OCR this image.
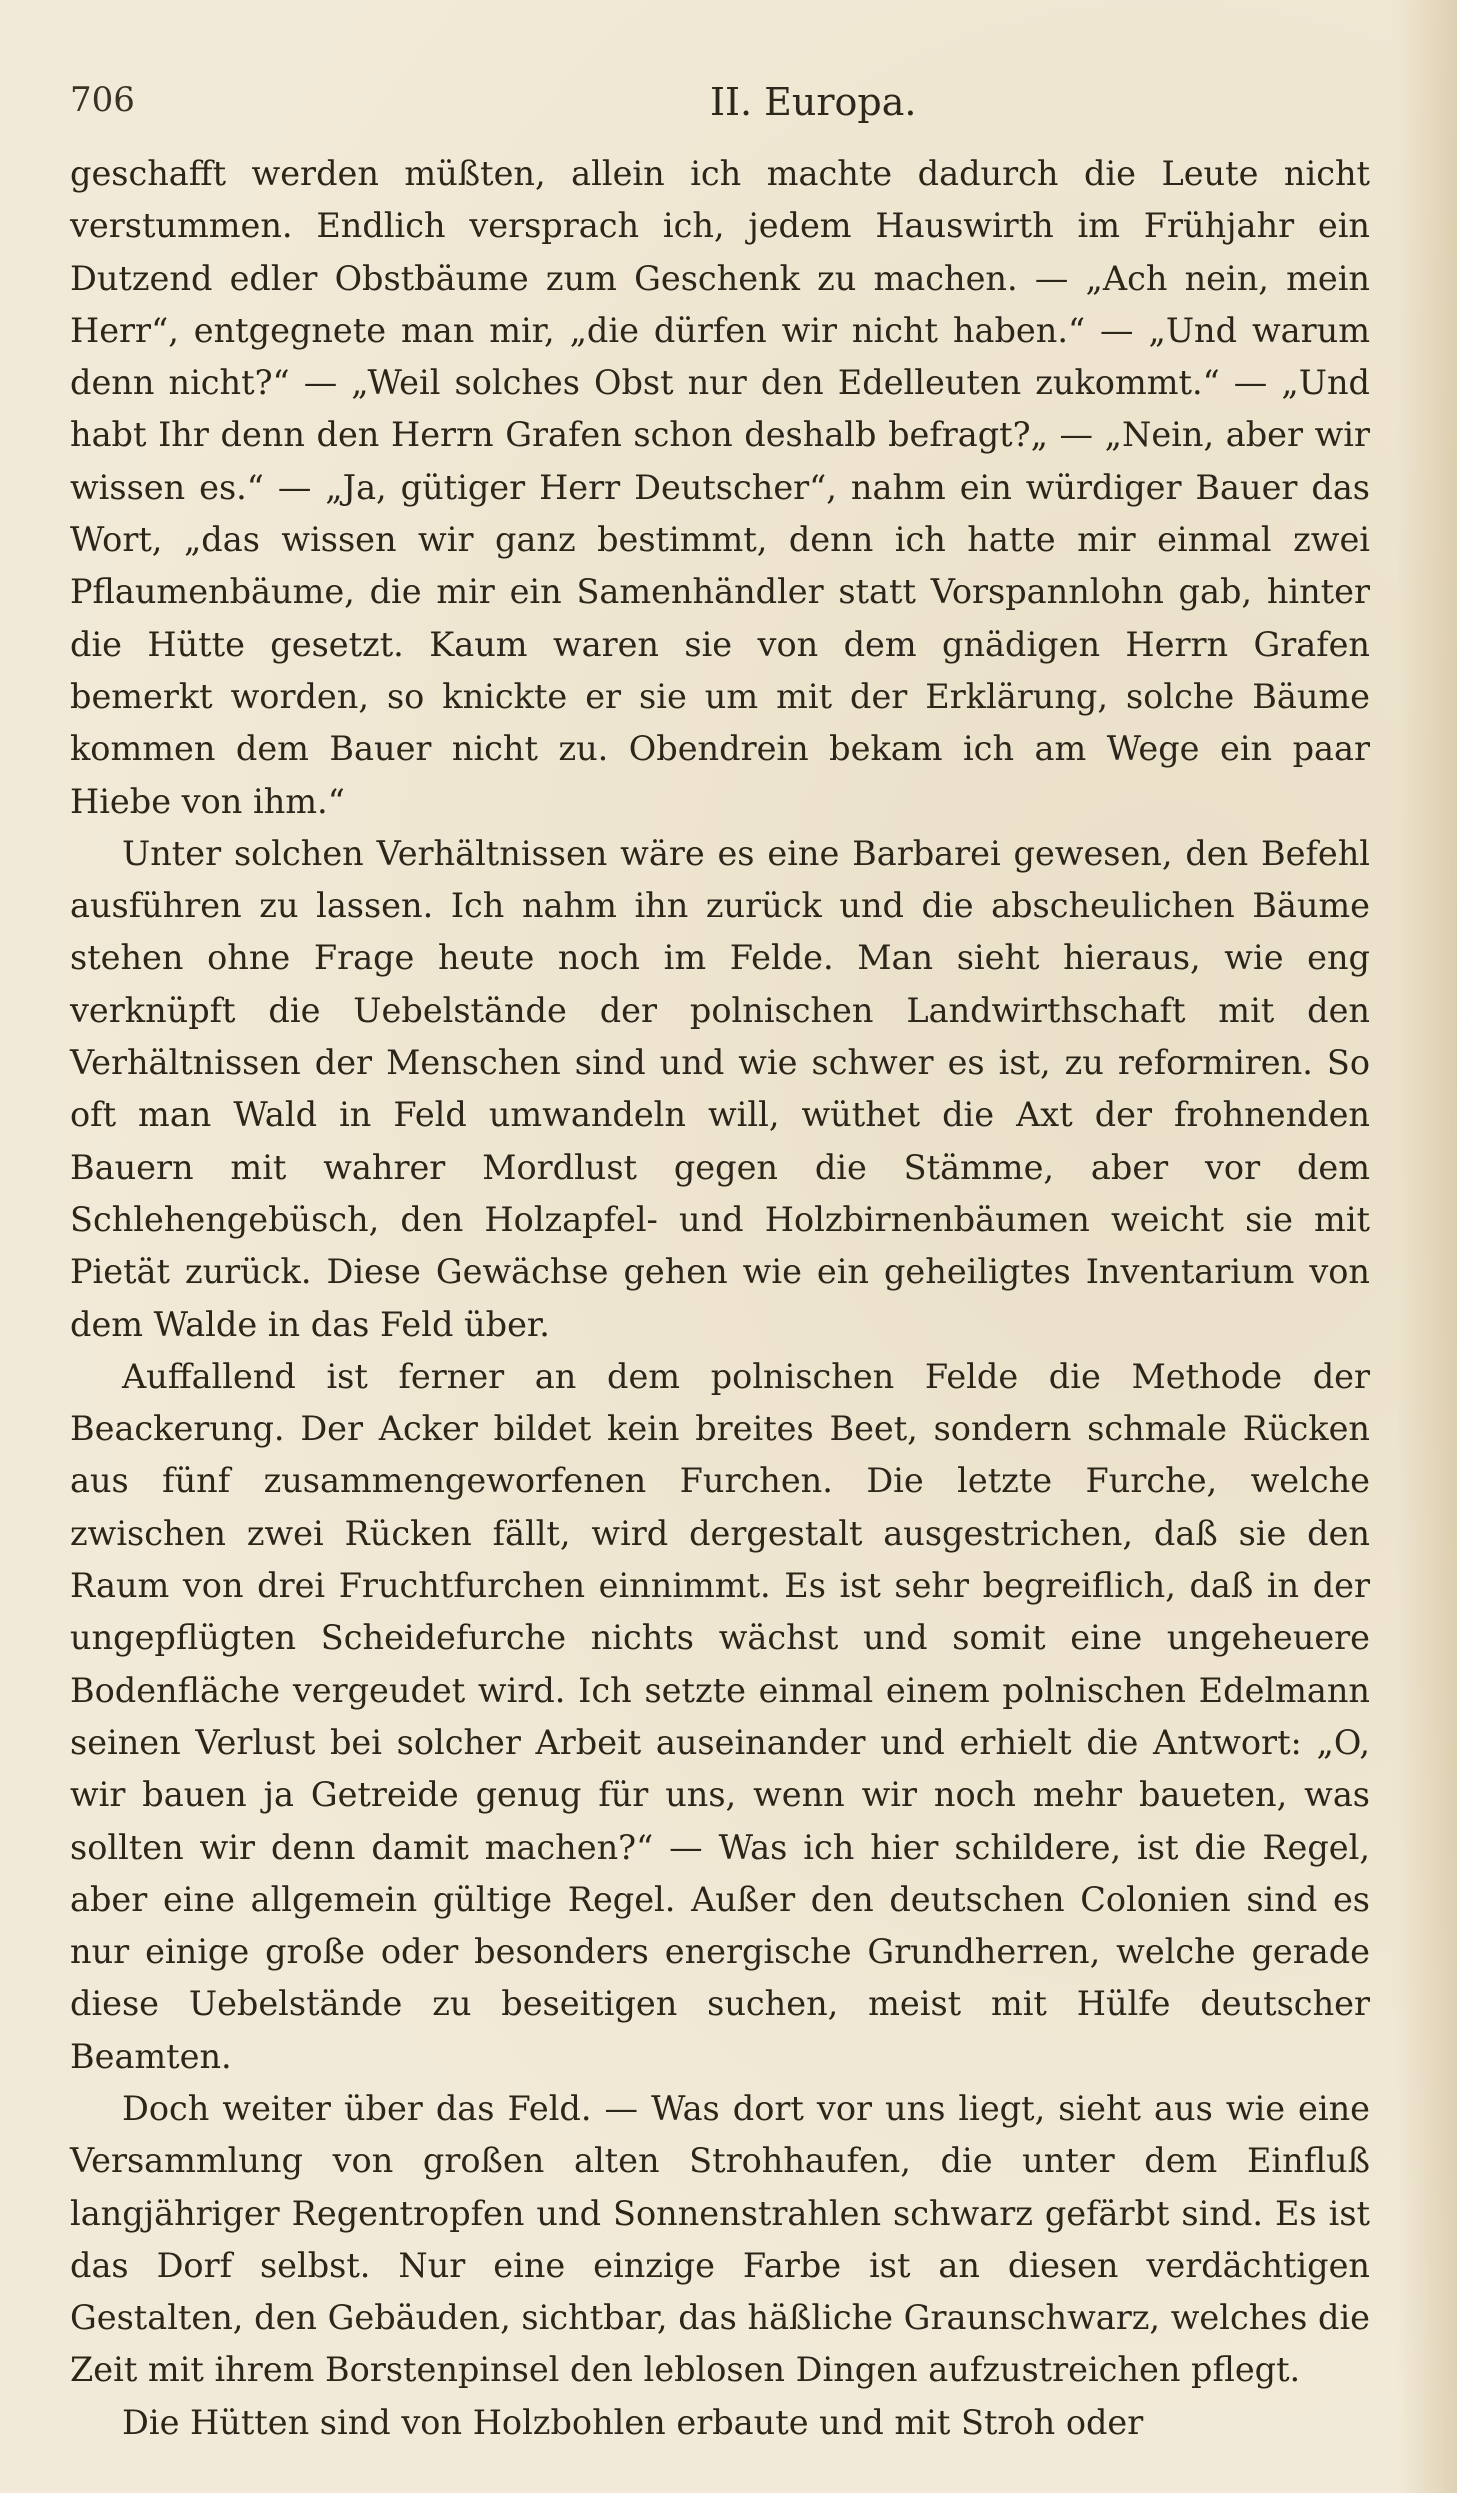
706	II. Europa.

geschafft werden müßten, allein ich machte dadurch die Leute nicht verstummen. Endlich versprach ich, jedem Hauswirth im Frühjahr ein Dutzend edler Obstbäume zum Geschenk zu machen. — „Ach nein, mein Herr“, entgegnete man mir, „die dürfen wir nicht haben.“ — „Und warum denn nicht?“ — „Weil solches Obst nur den Edelleuten zukommt.“ — „Und habt Ihr denn den Herrn Grafen schon deshalb befragt?„ — „Nein, aber wir wissen es.“ — „Ja, gütiger Herr Deutscher“, nahm ein würdiger Bauer das Wort, „das wissen wir ganz bestimmt, denn ich hatte mir einmal zwei Pflaumenbäume, die mir ein Samenhändler statt Vorspannlohn gab, hinter die Hütte gesetzt. Kaum waren sie von dem gnädigen Herrn Grafen bemerkt worden, so knickte er sie um mit der Erklärung, solche Bäume kommen dem Bauer nicht zu. Obendrein bekam ich am Wege ein paar Hiebe von ihm.“

Unter solchen Verhältnissen wäre es eine Barbarei gewesen, den Befehl ausführen zu lassen. Ich nahm ihn zurück und die abscheulichen Bäume stehen ohne Frage heute noch im Felde. Man sieht hieraus, wie eng verknüpft die Uebelstände der polnischen Landwirthschaft mit den Verhältnissen der Menschen sind und wie schwer es ist, zu reformiren. So oft man Wald in Feld umwandeln will, wüthet die Axt der frohnenden Bauern mit wahrer Mordlust gegen die Stämme, aber vor dem Schlehengebüsch, den Holzapfel- und Holzbirnenbäumen weicht sie mit Pietät zurück. Diese Gewächse gehen wie ein geheiligtes Inventarium von dem Walde in das Feld über.

Auffallend ist ferner an dem polnischen Felde die Methode der Beackerung. Der Acker bildet kein breites Beet, sondern schmale Rücken aus fünf zusammengeworfenen Furchen. Die letzte Furche, welche zwischen zwei Rücken fällt, wird dergestalt ausgestrichen, daß sie den Raum von drei Fruchtfurchen einnimmt. Es ist sehr begreiflich, daß in der ungepflügten Scheidefurche nichts wächst und somit eine ungeheuere Bodenfläche vergeudet wird. Ich setzte einmal einem polnischen Edelmann seinen Verlust bei solcher Arbeit auseinander und erhielt die Antwort: „O, wir bauen ja Getreide genug für uns, wenn wir noch mehr baueten, was sollten wir denn damit machen?“ — Was ich hier schildere, ist die Regel, aber eine allgemein gültige Regel. Außer den deutschen Colonien sind es nur einige große oder besonders energische Grundherren, welche gerade diese Uebelstände zu beseitigen suchen, meist mit Hülfe deutscher Beamten.

Doch weiter über das Feld. — Was dort vor uns liegt, sieht aus wie eine Versammlung von großen alten Strohhaufen, die unter dem Einfluß langjähriger Regentropfen und Sonnenstrahlen schwarz gefärbt sind. Es ist das Dorf selbst. Nur eine einzige Farbe ist an diesen verdächtigen Gestalten, den Gebäuden, sichtbar, das häßliche Graunschwarz, welches die Zeit mit ihrem Borstenpinsel den leblosen Dingen aufzustreichen pflegt.

Die Hütten sind von Holzbohlen erbaute und mit Stroh oder
